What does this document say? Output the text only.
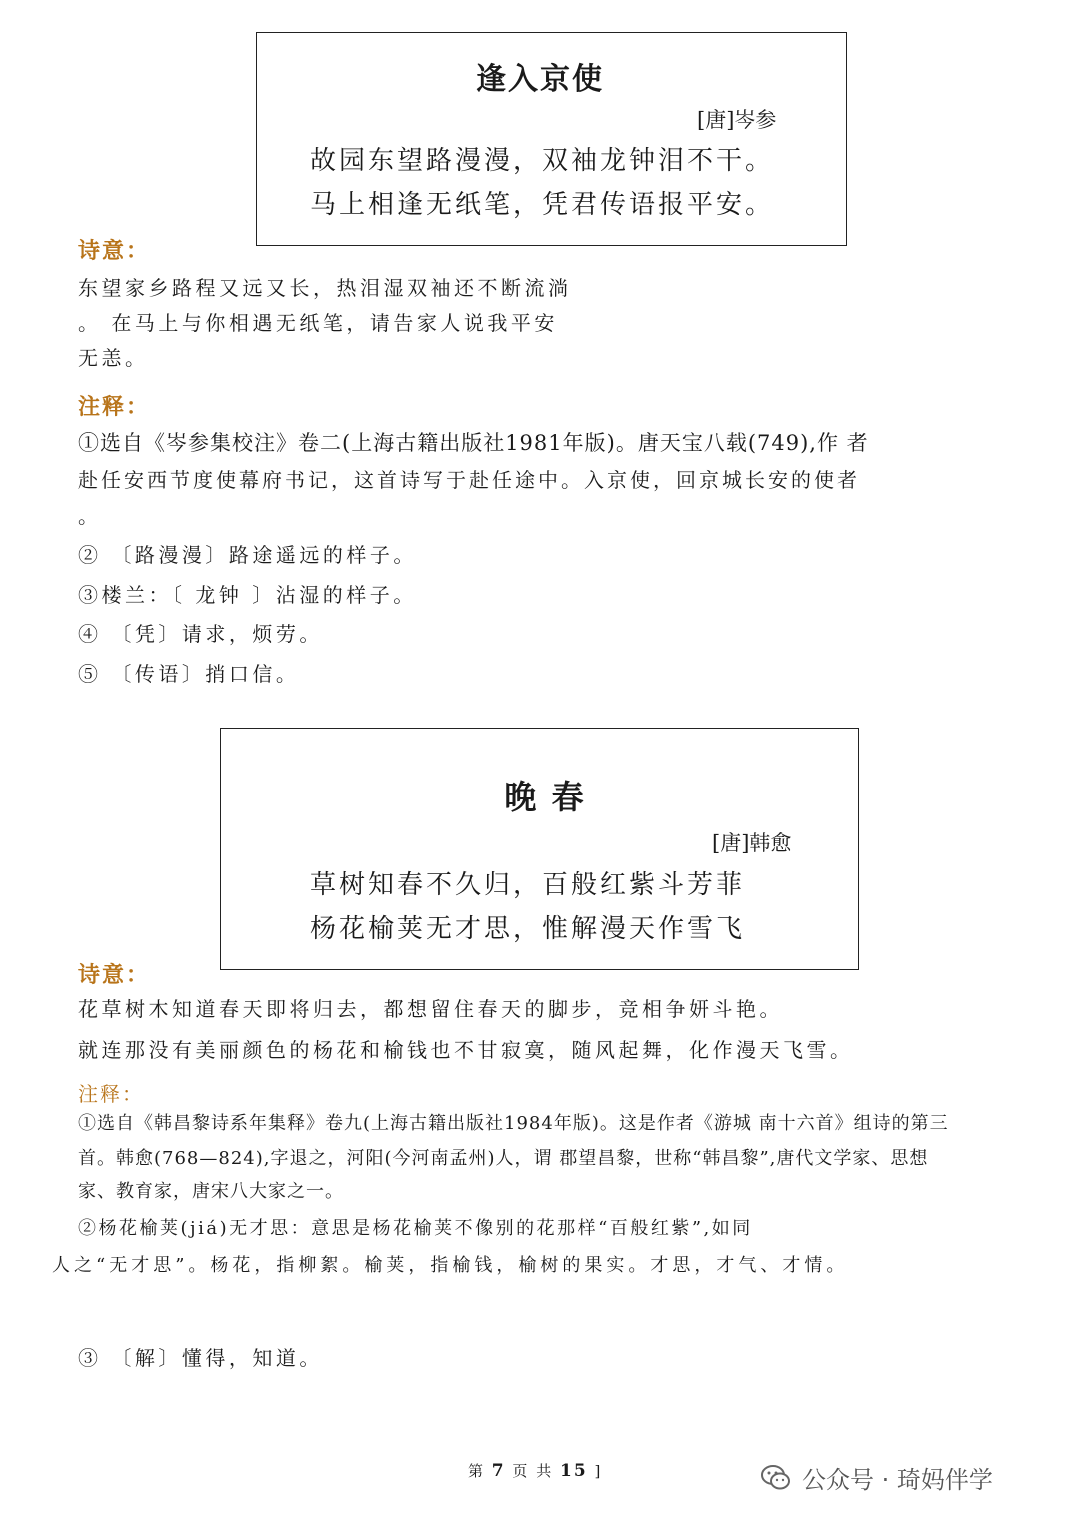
逢入京使
[唐]岑参
故园东望路漫漫，双袖龙钟泪不干。
马上相逢无纸笔，凭君传语报平安。
诗意：
东望家乡路程又远又长，热泪湿双袖还不断流淌
。 在马上与你相遇无纸笔，请告家人说我平安
无恙。
注释：
①选自《岑参集校注》卷二(上海古籍出版社1981年版)。唐天宝八载(749),作 者
赴任安西节度使幕府书记，这首诗写于赴任途中。入京使，回京城长安的使者
。
② 〔路漫漫〕路途遥远的样子。
③楼兰：〔 龙钟 〕沾湿的样子。
④ 〔凭〕请求，烦劳。
⑤ 〔传语〕捎口信。
晚 春
[唐]韩愈
草树知春不久归，百般红紫斗芳菲
杨花榆荚无才思，惟解漫天作雪飞
诗意：
花草树木知道春天即将归去，都想留住春天的脚步，竞相争妍斗艳。
就连那没有美丽颜色的杨花和榆钱也不甘寂寞，随风起舞，化作漫天飞雪。
注释：
①选自《韩昌黎诗系年集释》卷九(上海古籍出版社1984年版)。这是作者《游城 南十六首》组诗的第三
首。韩愈(768—824),字退之，河阳(今河南孟州)人，谓 郡望昌黎，世称“韩昌黎”,唐代文学家、思想
家、教育家，唐宋八大家之一。
②杨花榆荚(jiá)无才思：意思是杨花榆荚不像别的花那样“百般红紫”,如同
人之“无才思”。杨花，指柳絮。榆荚，指榆钱，榆树的果实。才思，才气、才情。
③ 〔解〕懂得，知道。
第 7 页 共 15 ]	公众号 · 琦妈伴学
